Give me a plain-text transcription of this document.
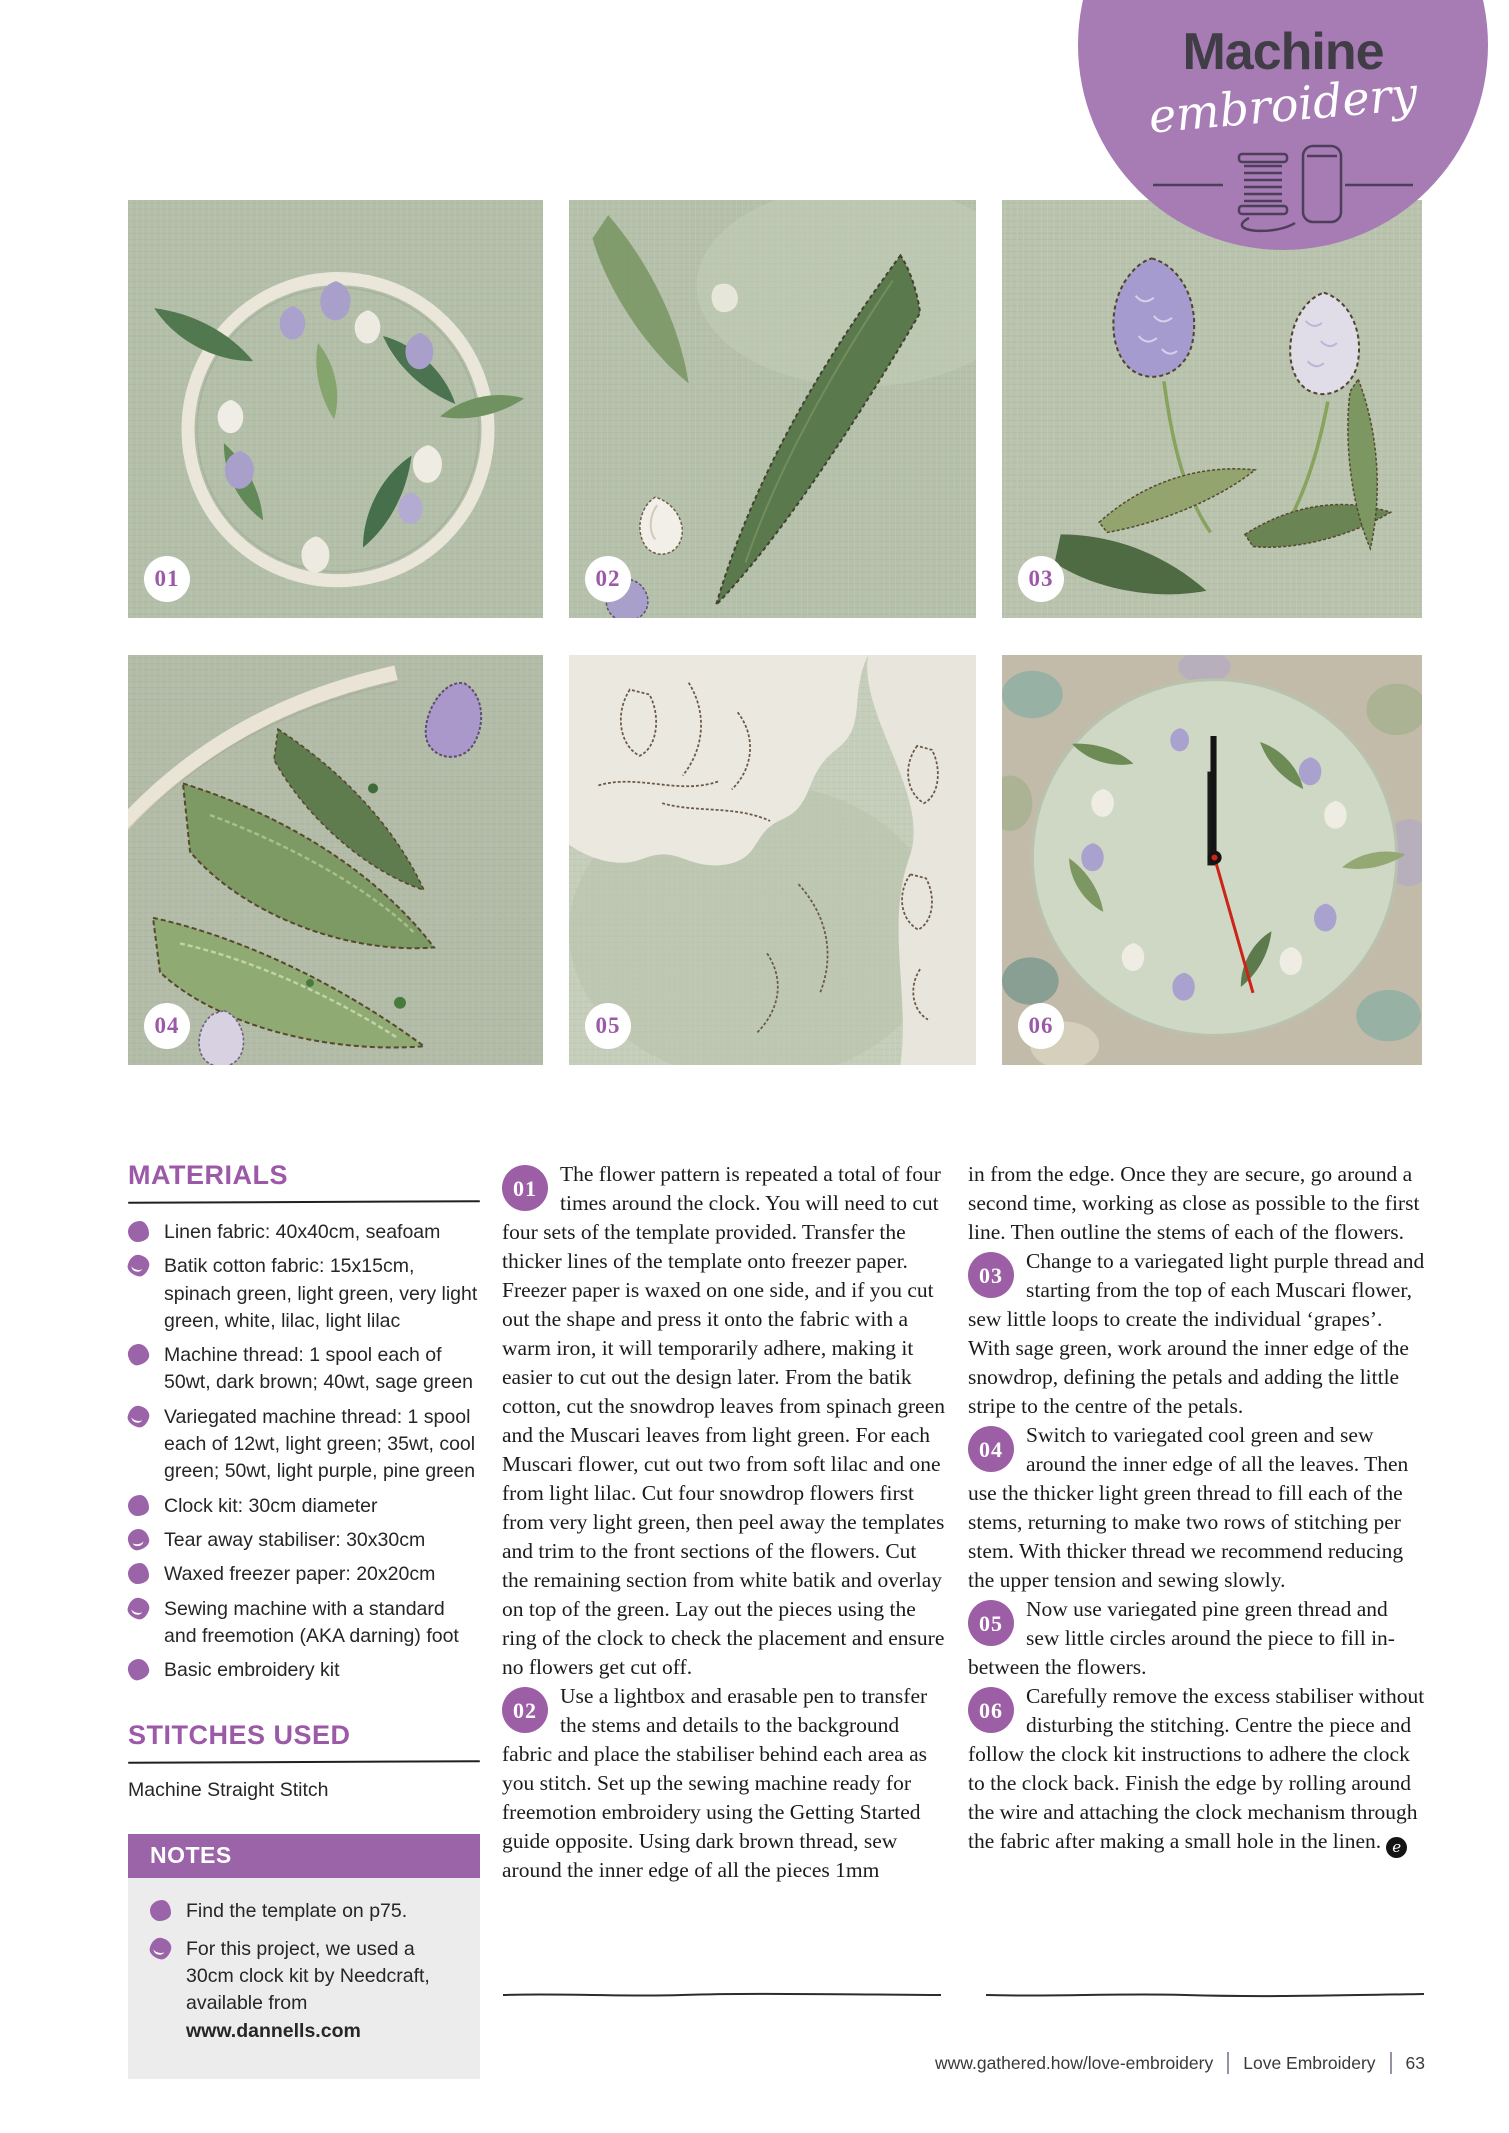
01	02	03
04	05	06
Machine
embroidery
MATERIALS
Linen fabric: 40x40cm, seafoam
Batik cotton fabric: 15x15cm, spinach green, light green, very light green, white, lilac, light lilac
Machine thread: 1 spool each of 50wt, dark brown; 40wt, sage green
Variegated machine thread: 1 spool each of 12wt, light green; 35wt, cool green; 50wt, light purple, pine green
Clock kit: 30cm diameter
Tear away stabiliser: 30x30cm
Waxed freezer paper: 20x20cm
Sewing machine with a standard and freemotion (AKA darning) foot
Basic embroidery kit
STITCHES USED

Machine Straight Stitch

NOTES
Find the template on p75.
For this project, we used a 30cm clock kit by Needcraft, available from www.dannells.com

01
The flower pattern is repeated a total of four times around the clock. You will need to cut four sets of the template provided. Transfer the thicker lines of the template onto freezer paper. Freezer paper is waxed on one side, and if you cut out the shape and press it onto the fabric with a warm iron, it will temporarily adhere, making it easier to cut out the design later. From the batik cotton, cut the snowdrop leaves from spinach green and the Muscari leaves from light green. For each Muscari flower, cut out two from soft lilac and one from light lilac. Cut four snowdrop flowers first from very light green, then peel away the templates and trim to the front sections of the flowers. Cut the remaining section from white batik and overlay on top of the green. Lay out the pieces using the ring of the clock to check the placement and ensure no flowers get cut off.

02
Use a lightbox and erasable pen to transfer the stems and details to the background fabric and place the stabiliser behind each area as you stitch. Set up the sewing machine ready for freemotion embroidery using the Getting Started guide opposite. Using dark brown thread, sew around the inner edge of all the pieces 1mm

in from the edge. Once they are secure, go around a second time, working as close as possible to the first line. Then outline the stems of each of the flowers.

03
Change to a variegated light purple thread and starting from the top of each Muscari flower, sew little loops to create the individual ‘grapes’. With sage green, work around the inner edge of the snowdrop, defining the petals and adding the little stripe to the centre of the petals.

04
Switch to variegated cool green and sew around the inner edge of all the leaves. Then use the thicker light green thread to fill each of the stems, returning to make two rows of stitching per stem. With thicker thread we recommend reducing the upper tension and sewing slowly.

05
Now use variegated pine green thread and sew little circles around the piece to fill in-between the flowers.

06
Carefully remove the excess stabiliser without disturbing the stitching. Centre the piece and follow the clock kit instructions to adhere the clock to the clock back. Finish the edge by rolling around the wire and attaching the clock mechanism through the fabric after making a small hole in the linen. e

www.gathered.how/love-embroidery Love Embroidery 63
